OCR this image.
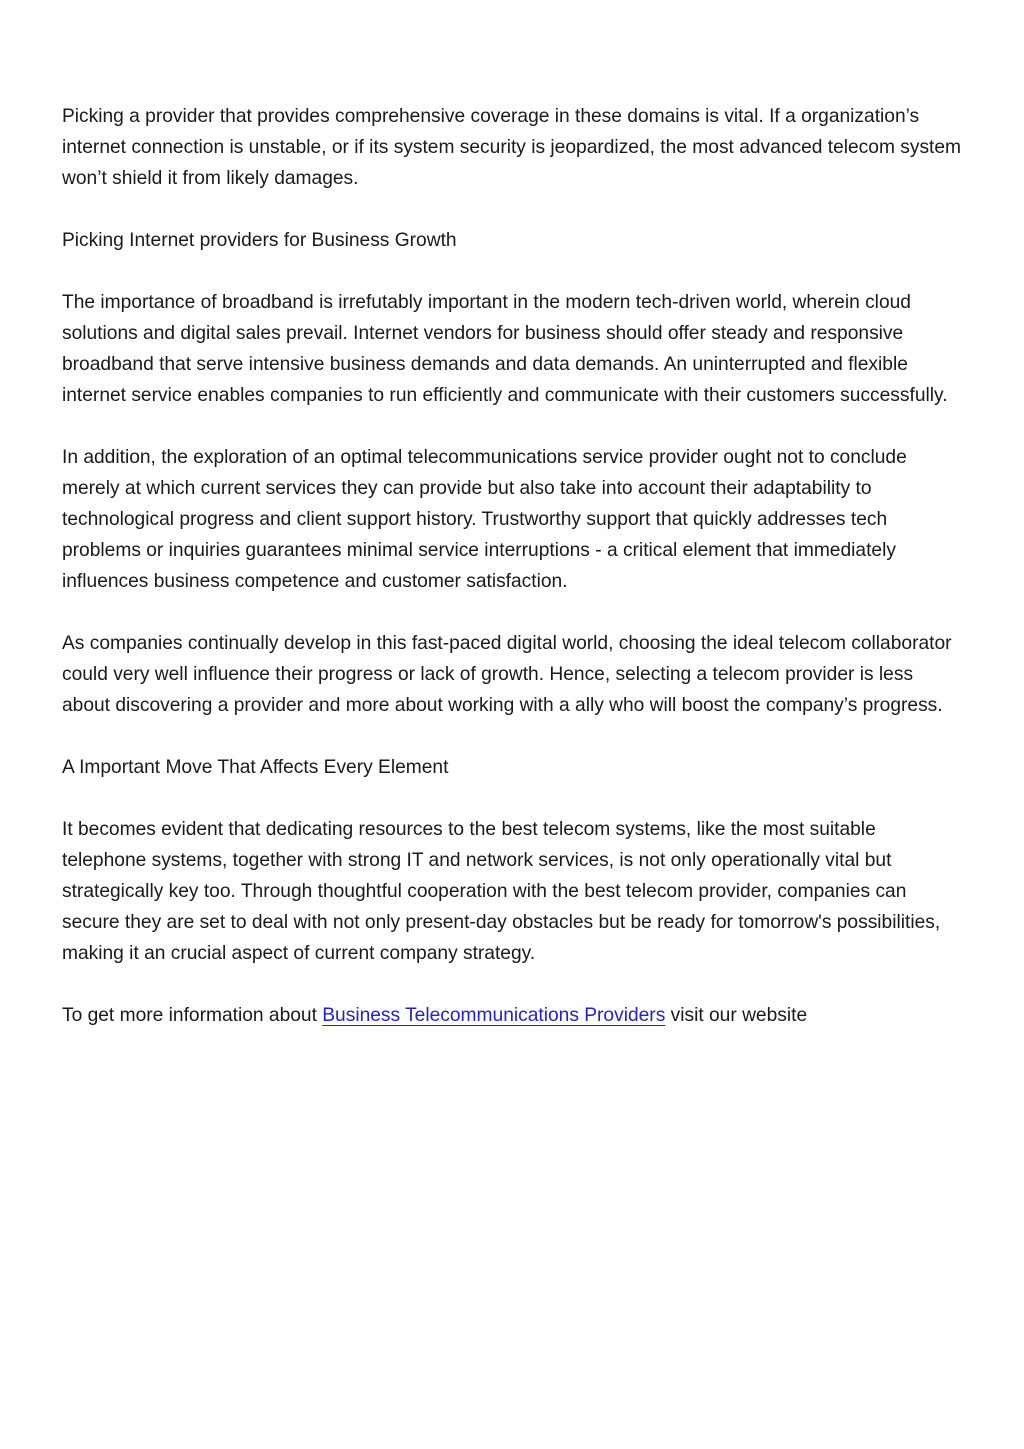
Picking a provider that provides comprehensive coverage in these domains is vital. If a organization’s internet connection is unstable, or if its system security is jeopardized, the most advanced telecom system won’t shield it from likely damages.

Picking Internet providers for Business Growth

The importance of broadband is irrefutably important in the modern tech-driven world, wherein cloud solutions and digital sales prevail. Internet vendors for business should offer steady and responsive broadband that serve intensive business demands and data demands. An uninterrupted and flexible internet service enables companies to run efficiently and communicate with their customers successfully.

In addition, the exploration of an optimal telecommunications service provider ought not to conclude merely at which current services they can provide but also take into account their adaptability to technological progress and client support history. Trustworthy support that quickly addresses tech problems or inquiries guarantees minimal service interruptions - a critical element that immediately influences business competence and customer satisfaction.

As companies continually develop in this fast-paced digital world, choosing the ideal telecom collaborator could very well influence their progress or lack of growth. Hence, selecting a telecom provider is less about discovering a provider and more about working with a ally who will boost the company’s progress.

A Important Move That Affects Every Element

It becomes evident that dedicating resources to the best telecom systems, like the most suitable telephone systems, together with strong IT and network services, is not only operationally vital but strategically key too. Through thoughtful cooperation with the best telecom provider, companies can secure they are set to deal with not only present-day obstacles but be ready for tomorrow's possibilities, making it an crucial aspect of current company strategy.

To get more information about Business Telecommunications Providers visit our website
